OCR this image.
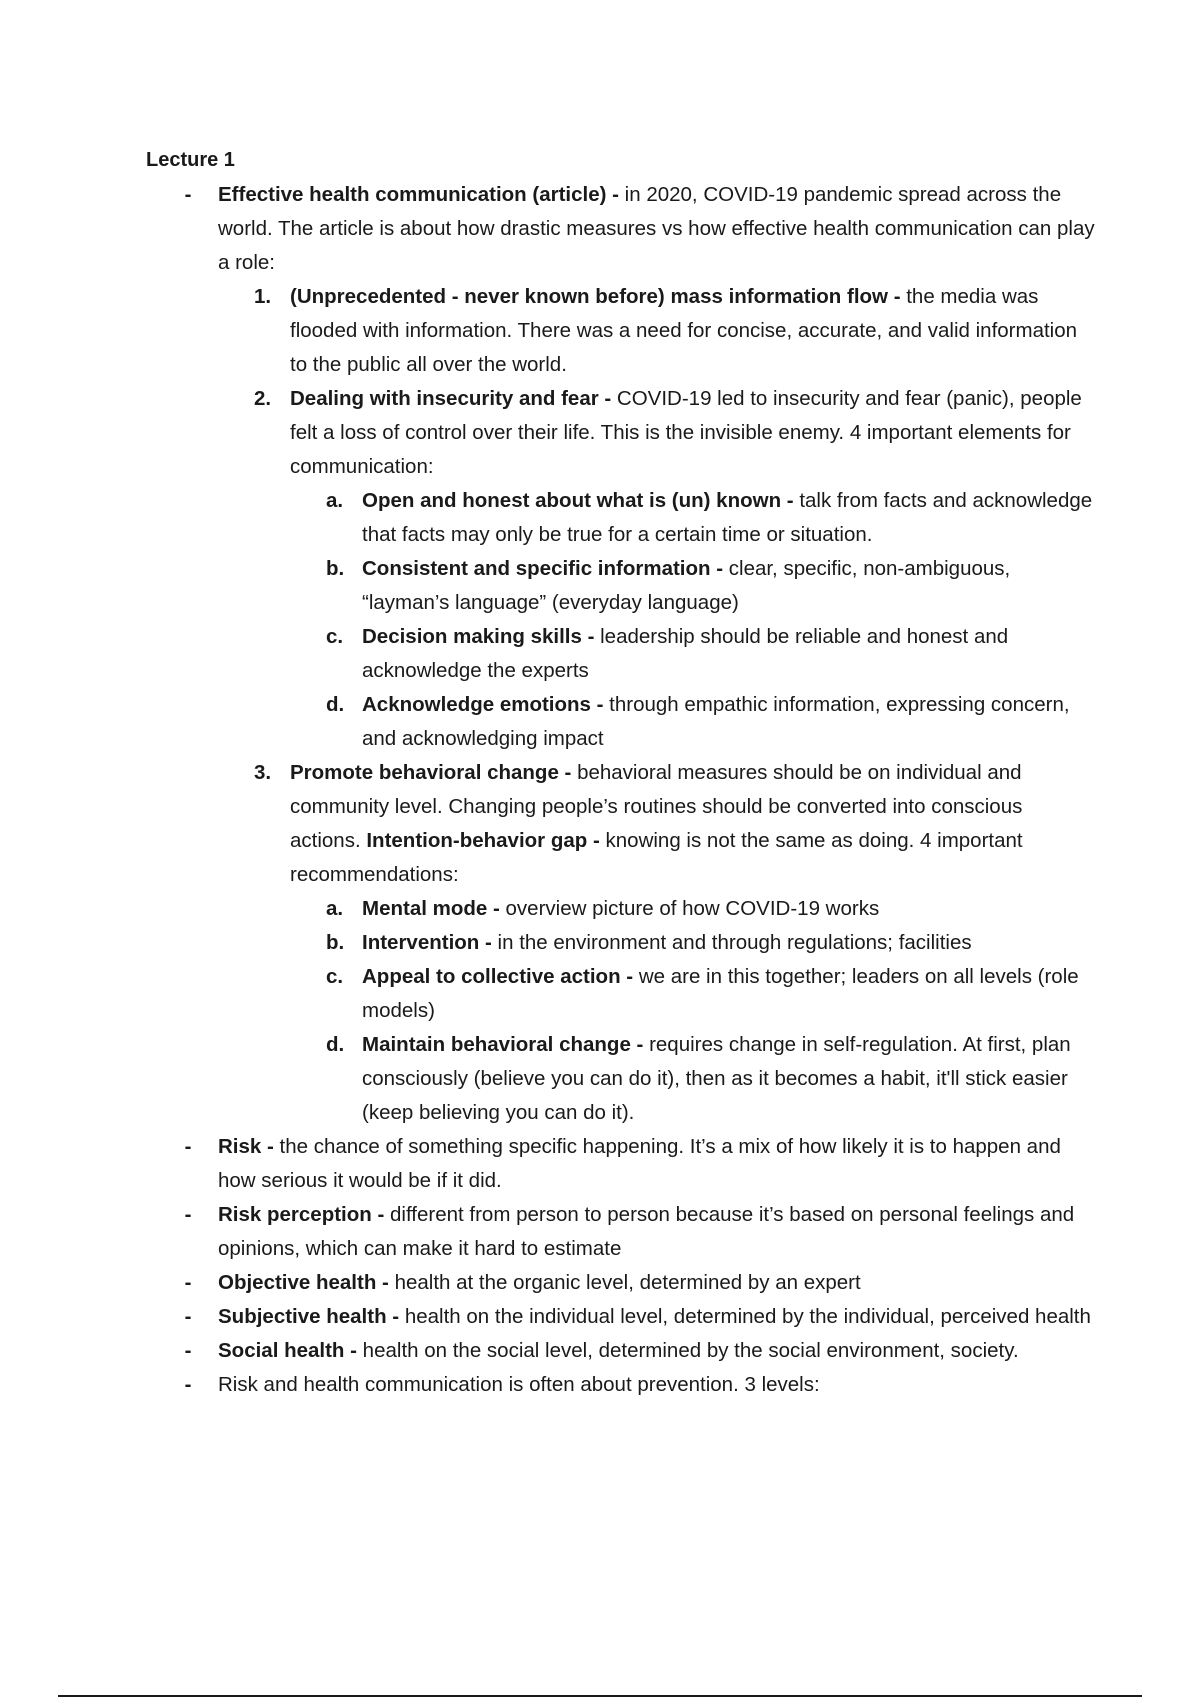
Lecture 1
- Effective health communication (article) - in 2020, COVID-19 pandemic spread across the world. The article is about how drastic measures vs how effective health communication can play a role:
1. (Unprecedented - never known before) mass information flow - the media was flooded with information. There was a need for concise, accurate, and valid information to the public all over the world.
2. Dealing with insecurity and fear - COVID-19 led to insecurity and fear (panic), people felt a loss of control over their life. This is the invisible enemy. 4 important elements for communication:
a. Open and honest about what is (un) known - talk from facts and acknowledge that facts may only be true for a certain time or situation.
b. Consistent and specific information - clear, specific, non-ambiguous, “layman’s language” (everyday language)
c. Decision making skills - leadership should be reliable and honest and acknowledge the experts
d. Acknowledge emotions - through empathic information, expressing concern, and acknowledging impact
3. Promote behavioral change - behavioral measures should be on individual and community level. Changing people’s routines should be converted into conscious actions. Intention-behavior gap - knowing is not the same as doing. 4 important recommendations:
a. Mental mode - overview picture of how COVID-19 works
b. Intervention - in the environment and through regulations; facilities
c. Appeal to collective action - we are in this together; leaders on all levels (role models)
d. Maintain behavioral change - requires change in self-regulation. At first, plan consciously (believe you can do it), then as it becomes a habit, it'll stick easier (keep believing you can do it).
- Risk - the chance of something specific happening. It’s a mix of how likely it is to happen and how serious it would be if it did.
- Risk perception - different from person to person because it’s based on personal feelings and opinions, which can make it hard to estimate
- Objective health - health at the organic level, determined by an expert
- Subjective health - health on the individual level, determined by the individual, perceived health
- Social health - health on the social level, determined by the social environment, society.
- Risk and health communication is often about prevention. 3 levels:
